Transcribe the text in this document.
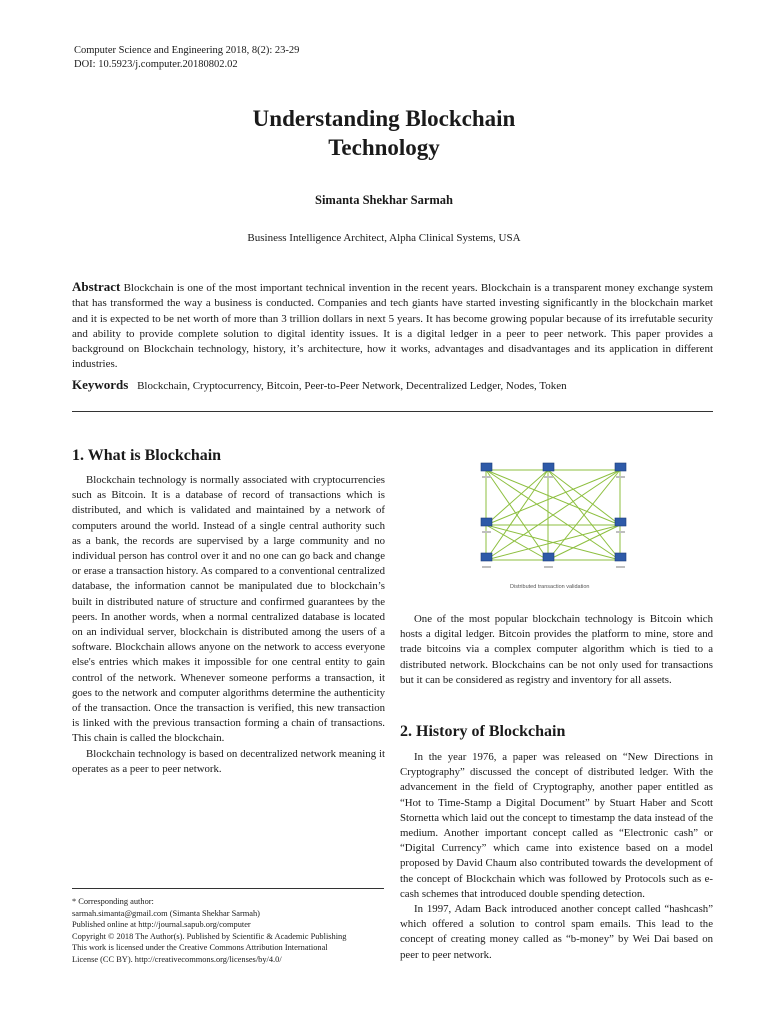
Computer Science and Engineering 2018, 8(2): 23-29
DOI: 10.5923/j.computer.20180802.02
Understanding Blockchain
Technology
Simanta Shekhar Sarmah
Business Intelligence Architect, Alpha Clinical Systems, USA
Abstract Blockchain is one of the most important technical invention in the recent years. Blockchain is a transparent money exchange system that has transformed the way a business is conducted. Companies and tech giants have started investing significantly in the blockchain market and it is expected to be net worth of more than 3 trillion dollars in next 5 years. It has become growing popular because of its irrefutable security and ability to provide complete solution to digital identity issues. It is a digital ledger in a peer to peer network. This paper provides a background on Blockchain technology, history, it’s architecture, how it works, advantages and disadvantages and its application in different industries.
Keywords Blockchain, Cryptocurrency, Bitcoin, Peer-to-Peer Network, Decentralized Ledger, Nodes, Token
1. What is Blockchain

Blockchain technology is normally associated with cryptocurrencies such as Bitcoin. It is a database of record of transactions which is distributed, and which is validated and maintained by a network of computers around the world. Instead of a single central authority such as a bank, the records are supervised by a large community and no individual person has control over it and no one can go back and change or erase a transaction history. As compared to a conventional centralized database, the information cannot be manipulated due to blockchain’s built in distributed nature of structure and confirmed guarantees by the peers. In another words, when a normal centralized database is located on an individual server, blockchain is distributed among the users of a software. Blockchain allows anyone on the network to access everyone else's entries which makes it impossible for one central entity to gain control of the network. Whenever someone performs a transaction, it goes to the network and computer algorithms determine the authenticity of the transaction. Once the transaction is verified, this new transaction is linked with the previous transaction forming a chain of transactions. This chain is called the blockchain.

Blockchain technology is based on decentralized network meaning it operates as a peer to peer network.

Distributed transaction validation

One of the most popular blockchain technology is Bitcoin which hosts a digital ledger. Bitcoin provides the platform to mine, store and trade bitcoins via a complex computer algorithm which is tied to a distributed network. Blockchains can be not only used for transactions but it can be considered as registry and inventory for all assets.

2. History of Blockchain

In the year 1976, a paper was released on “New Directions in Cryptography” discussed the concept of distributed ledger. With the advancement in the field of Cryptography, another paper entitled as “Hot to Time-Stamp a Digital Document” by Stuart Haber and Scott Stornetta which laid out the concept to timestamp the data instead of the medium. Another important concept called as “Electronic cash” or “Digital Currency” which came into existence based on a model proposed by David Chaum also contributed towards the development of the concept of Blockchain which was followed by Protocols such as e-cash schemes that introduced double spending detection.

In 1997, Adam Back introduced another concept called “hashcash” which offered a solution to control spam emails. This lead to the concept of creating money called as “b-money” by Wei Dai based on peer to peer network.

* Corresponding author:
sarmah.simanta@gmail.com (Simanta Shekhar Sarmah)
Published online at http://journal.sapub.org/computer
Copyright © 2018 The Author(s). Published by Scientific & Academic Publishing
This work is licensed under the Creative Commons Attribution International
License (CC BY). http://creativecommons.org/licenses/by/4.0/
